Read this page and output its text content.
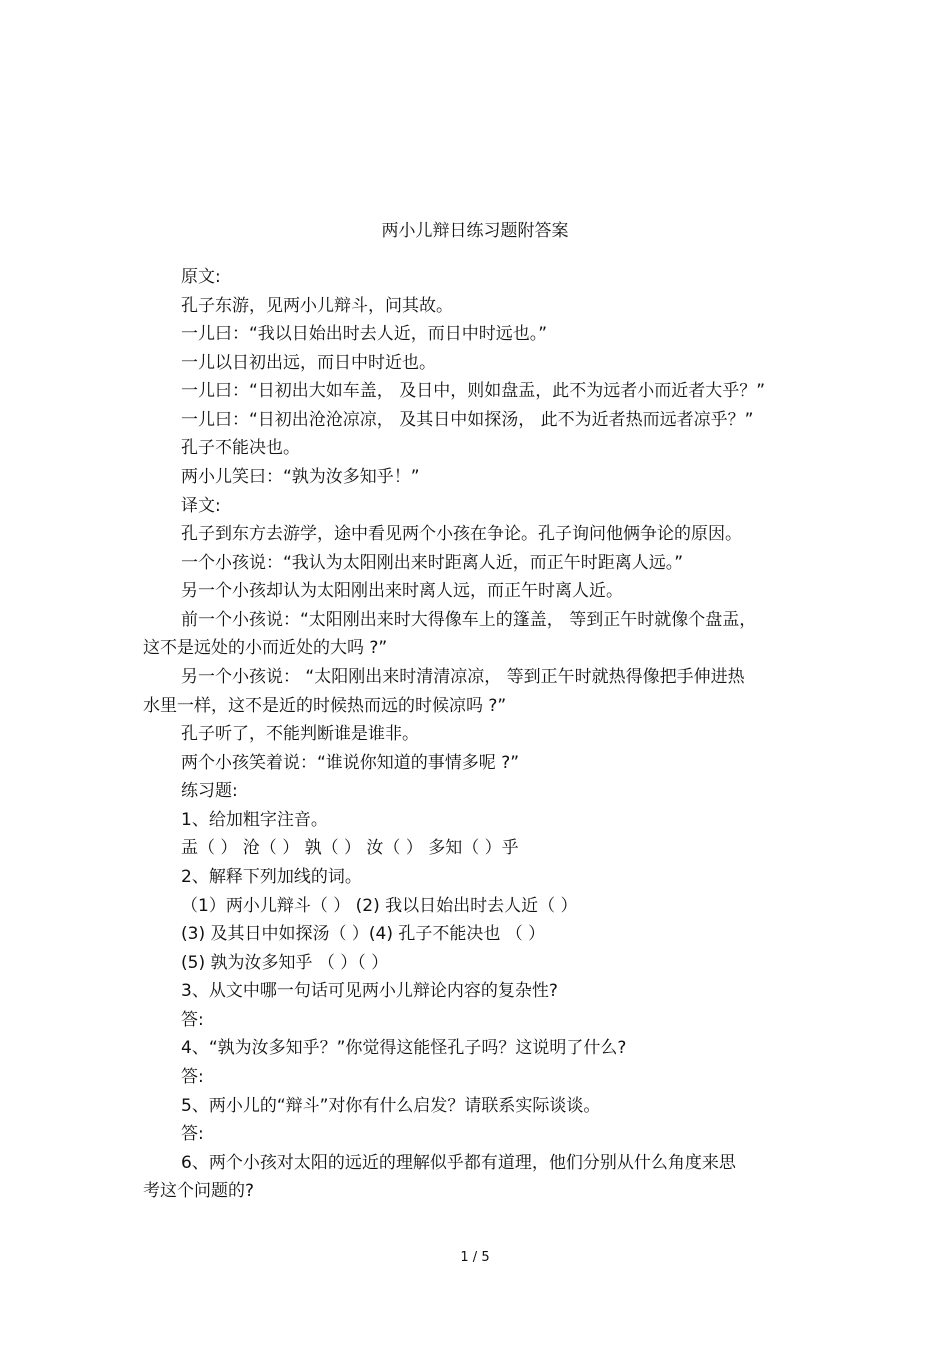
两小儿辩日练习题附答案
原文:
孔子东游，见两小儿辩斗，问其故。
一儿曰：“我以日始出时去人近，而日中时远也。”
一儿以日初出远，而日中时近也。
一儿曰：“日初出大如车盖， 及日中，则如盘盂，此不为远者小而近者大乎？”
一儿曰：“日初出沧沧凉凉， 及其日中如探汤， 此不为近者热而远者凉乎？”
孔子不能决也。
两小儿笑曰：“孰为汝多知乎！”
译文:
孔子到东方去游学，途中看见两个小孩在争论。孔子询问他俩争论的原因。
一个小孩说：“我认为太阳刚出来时距离人近，而正午时距离人远。”
另一个小孩却认为太阳刚出来时离人远，而正午时离人近。
前一个小孩说：“太阳刚出来时大得像车上的篷盖， 等到正午时就像个盘盂，
这不是远处的小而近处的大吗 ?”
另一个小孩说： “太阳刚出来时清清凉凉， 等到正午时就热得像把手伸进热
水里一样，这不是近的时候热而远的时候凉吗 ?”
孔子听了，不能判断谁是谁非。
两个小孩笑着说：“谁说你知道的事情多呢 ?”
练习题:
1、给加粗字注音。
盂（ ） 沧（ ） 孰（ ） 汝（ ） 多知（ ）乎
2、解释下列加线的词。
（1）两小儿辩斗（ ） (2) 我以日始出时去人近（ ）
(3) 及其日中如探汤（ ）(4) 孔子不能决也 （ ）
(5) 孰为汝多知乎 （ ）（ ）
3、从文中哪一句话可见两小儿辩论内容的复杂性?
答:
4、“孰为汝多知乎？”你觉得这能怪孔子吗？这说明了什么?
答:
5、两小儿的“辩斗”对你有什么启发？请联系实际谈谈。
答:
6、两个小孩对太阳的远近的理解似乎都有道理，他们分别从什么角度来思
考这个问题的?
1 / 5
